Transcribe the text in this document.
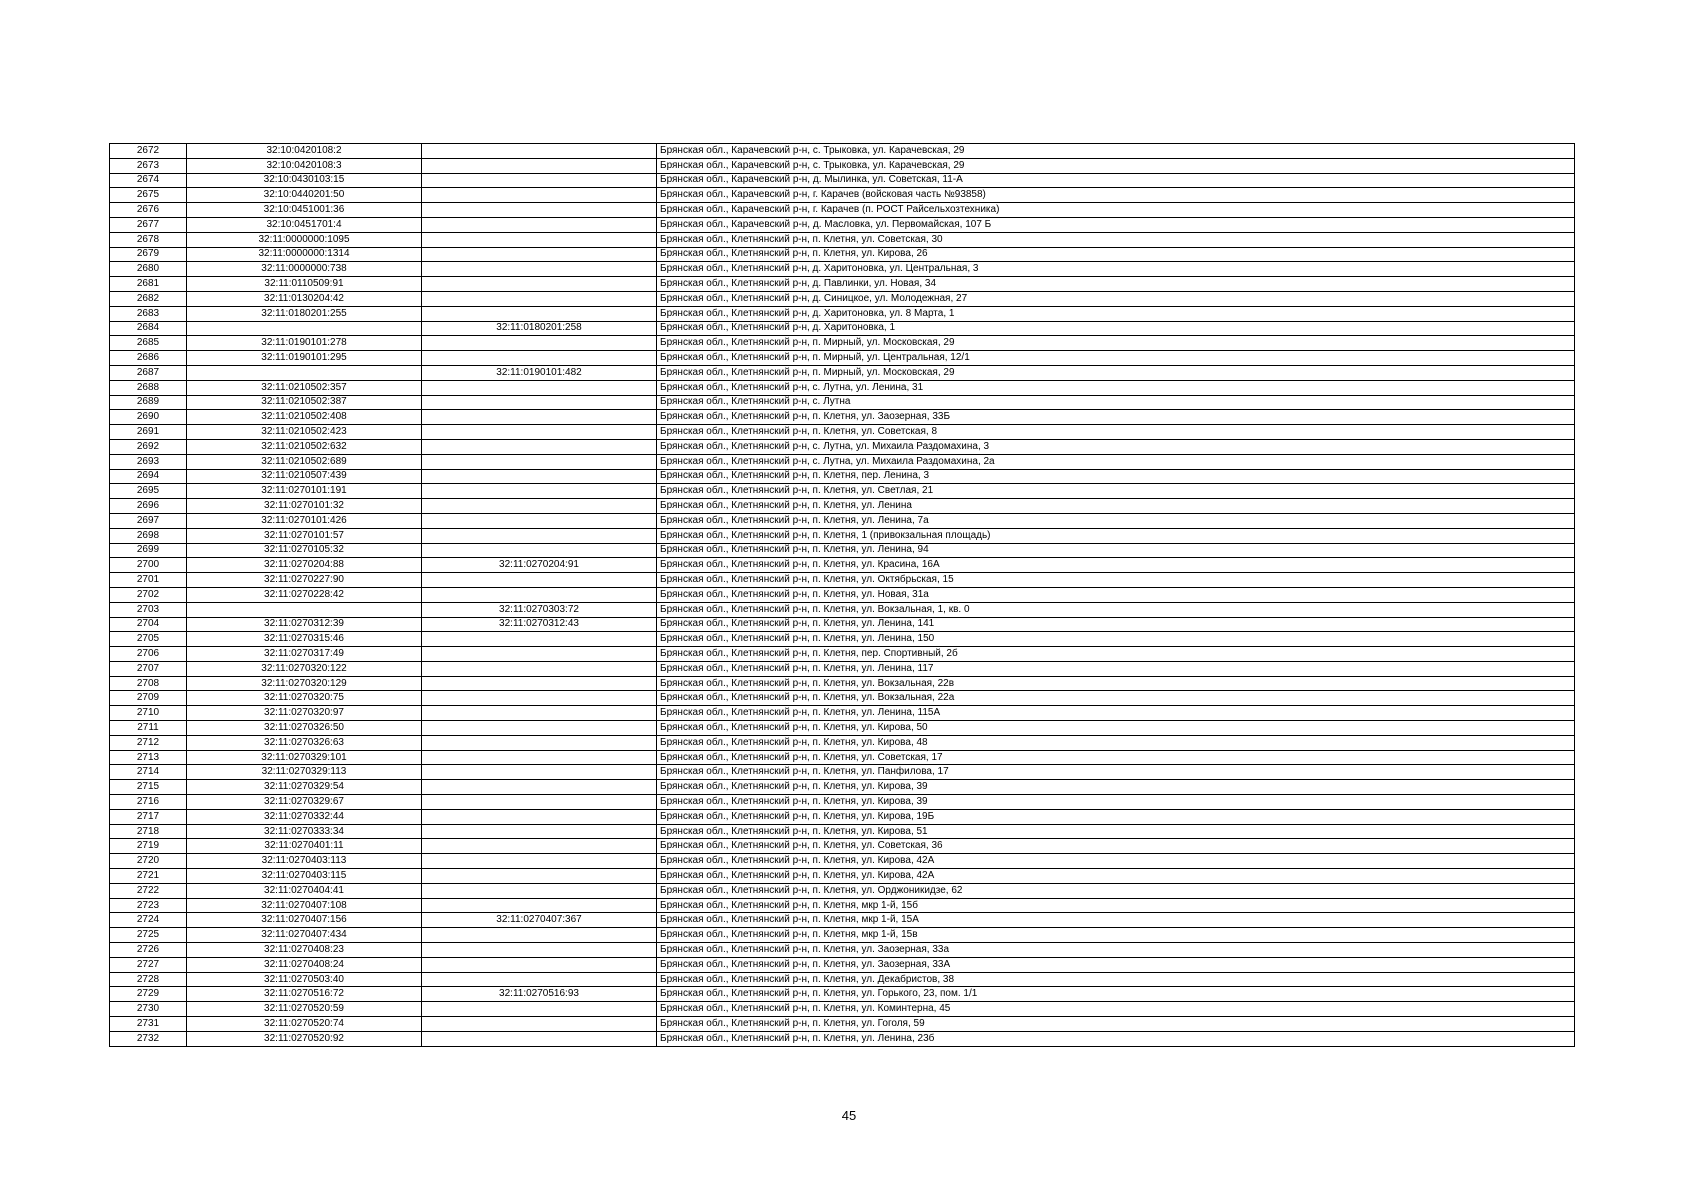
2672	32:10:0420108:2		Брянская обл., Карачевский р-н, с. Трыковка, ул. Карачевская, 29
2673	32:10:0420108:3		Брянская обл., Карачевский р-н, с. Трыковка, ул. Карачевская, 29
2674	32:10:0430103:15		Брянская обл., Карачевский р-н, д. Мылинка, ул. Советская, 11-А
2675	32:10:0440201:50		Брянская обл., Карачевский р-н, г. Карачев (войсковая часть №93858)
2676	32:10:0451001:36		Брянская обл., Карачевский р-н, г. Карачев (п. РОСТ Райсельхозтехника)
2677	32:10:0451701:4		Брянская обл., Карачевский р-н, д. Масловка, ул. Первомайская, 107 Б
2678	32:11:0000000:1095		Брянская обл., Клетнянский р-н, п. Клетня, ул. Советская, 30
2679	32:11:0000000:1314		Брянская обл., Клетнянский р-н, п. Клетня, ул. Кирова, 26
2680	32:11:0000000:738		Брянская обл., Клетнянский р-н, д. Харитоновка, ул. Центральная, 3
2681	32:11:0110509:91		Брянская обл., Клетнянский р-н, д. Павлинки, ул. Новая, 34
2682	32:11:0130204:42		Брянская обл., Клетнянский р-н, д. Синицкое, ул. Молодежная, 27
2683	32:11:0180201:255		Брянская обл., Клетнянский р-н, д. Харитоновка, ул. 8 Марта, 1
2684		32:11:0180201:258	Брянская обл., Клетнянский р-н, д. Харитоновка, 1
2685	32:11:0190101:278		Брянская обл., Клетнянский р-н, п. Мирный, ул. Московская, 29
2686	32:11:0190101:295		Брянская обл., Клетнянский р-н, п. Мирный, ул. Центральная, 12/1
2687		32:11:0190101:482	Брянская обл., Клетнянский р-н, п. Мирный, ул. Московская, 29
2688	32:11:0210502:357		Брянская обл., Клетнянский р-н, с. Лутна, ул. Ленина, 31
2689	32:11:0210502:387		Брянская обл., Клетнянский р-н, с. Лутна
2690	32:11:0210502:408		Брянская обл., Клетнянский р-н, п. Клетня, ул. Заозерная, 33Б
2691	32:11:0210502:423		Брянская обл., Клетнянский р-н, п. Клетня, ул. Советская, 8
2692	32:11:0210502:632		Брянская обл., Клетнянский р-н, с. Лутна, ул. Михаила Раздомахина, 3
2693	32:11:0210502:689		Брянская обл., Клетнянский р-н, с. Лутна, ул. Михаила Раздомахина, 2а
2694	32:11:0210507:439		Брянская обл., Клетнянский р-н, п. Клетня, пер. Ленина, 3
2695	32:11:0270101:191		Брянская обл., Клетнянский р-н, п. Клетня, ул. Светлая, 21
2696	32:11:0270101:32		Брянская обл., Клетнянский р-н, п. Клетня, ул. Ленина
2697	32:11:0270101:426		Брянская обл., Клетнянский р-н, п. Клетня, ул. Ленина, 7а
2698	32:11:0270101:57		Брянская обл., Клетнянский р-н, п. Клетня, 1 (привокзальная площадь)
2699	32:11:0270105:32		Брянская обл., Клетнянский р-н, п. Клетня, ул. Ленина, 94
2700	32:11:0270204:88	32:11:0270204:91	Брянская обл., Клетнянский р-н, п. Клетня, ул. Красина, 16А
2701	32:11:0270227:90		Брянская обл., Клетнянский р-н, п. Клетня, ул. Октябрьская, 15
2702	32:11:0270228:42		Брянская обл., Клетнянский р-н, п. Клетня, ул. Новая, 31а
2703		32:11:0270303:72	Брянская обл., Клетнянский р-н, п. Клетня, ул. Вокзальная, 1, кв. 0
2704	32:11:0270312:39	32:11:0270312:43	Брянская обл., Клетнянский р-н, п. Клетня, ул. Ленина, 141
2705	32:11:0270315:46		Брянская обл., Клетнянский р-н, п. Клетня, ул. Ленина, 150
2706	32:11:0270317:49		Брянская обл., Клетнянский р-н, п. Клетня, пер. Спортивный, 2б
2707	32:11:0270320:122		Брянская обл., Клетнянский р-н, п. Клетня, ул. Ленина, 117
2708	32:11:0270320:129		Брянская обл., Клетнянский р-н, п. Клетня, ул. Вокзальная, 22в
2709	32:11:0270320:75		Брянская обл., Клетнянский р-н, п. Клетня, ул. Вокзальная, 22а
2710	32:11:0270320:97		Брянская обл., Клетнянский р-н, п. Клетня, ул. Ленина, 115А
2711	32:11:0270326:50		Брянская обл., Клетнянский р-н, п. Клетня, ул. Кирова, 50
2712	32:11:0270326:63		Брянская обл., Клетнянский р-н, п. Клетня, ул. Кирова, 48
2713	32:11:0270329:101		Брянская обл., Клетнянский р-н, п. Клетня, ул. Советская, 17
2714	32:11:0270329:113		Брянская обл., Клетнянский р-н, п. Клетня, ул. Панфилова, 17
2715	32:11:0270329:54		Брянская обл., Клетнянский р-н, п. Клетня, ул. Кирова, 39
2716	32:11:0270329:67		Брянская обл., Клетнянский р-н, п. Клетня, ул. Кирова, 39
2717	32:11:0270332:44		Брянская обл., Клетнянский р-н, п. Клетня, ул. Кирова, 19Б
2718	32:11:0270333:34		Брянская обл., Клетнянский р-н, п. Клетня, ул. Кирова, 51
2719	32:11:0270401:11		Брянская обл., Клетнянский р-н, п. Клетня, ул. Советская, 36
2720	32:11:0270403:113		Брянская обл., Клетнянский р-н, п. Клетня, ул. Кирова, 42А
2721	32:11:0270403:115		Брянская обл., Клетнянский р-н, п. Клетня, ул. Кирова, 42А
2722	32:11:0270404:41		Брянская обл., Клетнянский р-н, п. Клетня, ул. Орджоникидзе, 62
2723	32:11:0270407:108		Брянская обл., Клетнянский р-н, п. Клетня, мкр 1-й, 15б
2724	32:11:0270407:156	32:11:0270407:367	Брянская обл., Клетнянский р-н, п. Клетня, мкр 1-й, 15А
2725	32:11:0270407:434		Брянская обл., Клетнянский р-н, п. Клетня, мкр 1-й, 15в
2726	32:11:0270408:23		Брянская обл., Клетнянский р-н, п. Клетня, ул. Заозерная, 33а
2727	32:11:0270408:24		Брянская обл., Клетнянский р-н, п. Клетня, ул. Заозерная, 33А
2728	32:11:0270503:40		Брянская обл., Клетнянский р-н, п. Клетня, ул. Декабристов, 38
2729	32:11:0270516:72	32:11:0270516:93	Брянская обл., Клетнянский р-н, п. Клетня, ул. Горького, 23, пом. 1/1
2730	32:11:0270520:59		Брянская обл., Клетнянский р-н, п. Клетня, ул. Коминтерна, 45
2731	32:11:0270520:74		Брянская обл., Клетнянский р-н, п. Клетня, ул. Гоголя, 59
2732	32:11:0270520:92		Брянская обл., Клетнянский р-н, п. Клетня, ул. Ленина, 23б
45
